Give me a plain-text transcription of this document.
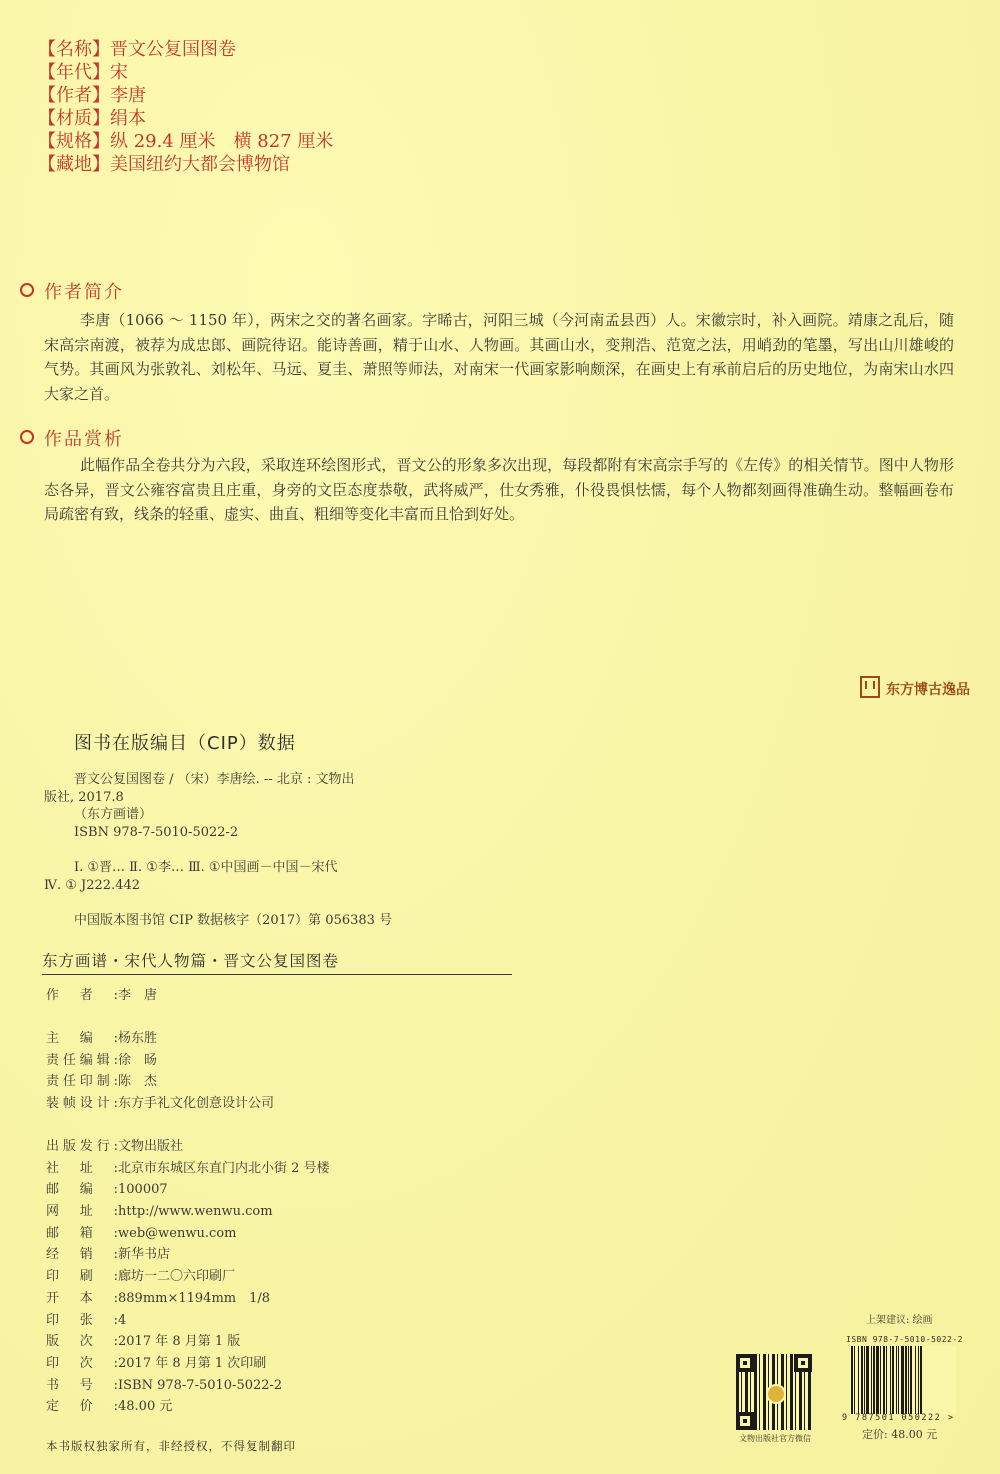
【名称】晋文公复国图卷
【年代】宋
【作者】李唐
【材质】绢本
【规格】纵 29.4 厘米　横 827 厘米
【藏地】美国纽约大都会博物馆
作者简介
李唐（1066 ～ 1150 年），两宋之交的著名画家。字晞古，河阳三城（今河南孟县西）人。宋徽宗时，补入画院。靖康之乱后，随宋高宗南渡，被荐为成忠郎、画院待诏。能诗善画，精于山水、人物画。其画山水，变荆浩、范宽之法，用峭劲的笔墨，写出山川雄峻的气势。其画风为张敦礼、刘松年、马远、夏圭、萧照等师法，对南宋一代画家影响颇深，在画史上有承前启后的历史地位，为南宋山水四大家之首。
作品赏析
此幅作品全卷共分为六段，采取连环绘图形式，晋文公的形象多次出现，每段都附有宋高宗手写的《左传》的相关情节。图中人物形态各异，晋文公雍容富贵且庄重，身旁的文臣态度恭敬，武将威严，仕女秀雅，仆役畏惧怯懦，每个人物都刻画得准确生动。整幅画卷布局疏密有致，线条的轻重、虚实、曲直、粗细等变化丰富而且恰到好处。
东方博古逸品
图书在版编目（CIP）数据
晋文公复国图卷 / （宋）李唐绘. -- 北京 : 文物出
版社, 2017.8
（东方画谱）
ISBN 978-7-5010-5022-2
Ⅰ. ①晋… Ⅱ. ①李… Ⅲ. ①中国画－中国－宋代
Ⅳ. ① J222.442
中国版本图书馆 CIP 数据核字（2017）第 056383 号
东方画谱・宋代人物篇・晋文公复国图卷
作者:李　唐
主编:杨东胜
责任编辑:徐　旸
责任印制:陈　杰
装帧设计:东方手礼文化创意设计公司
出版发行:文物出版社
社址:北京市东城区东直门内北小街 2 号楼
邮编:100007
网址:http://www.wenwu.com
邮箱:web@wenwu.com
经销:新华书店
印刷:廊坊一二〇六印刷厂
开本:889mm×1194mm　1/8
印张:4
版次:2017 年 8 月第 1 版
印次:2017 年 8 月第 1 次印刷
书号:ISBN 978-7-5010-5022-2
定价:48.00 元
本书版权独家所有，非经授权，不得复制翻印
文物出版社官方微信
上架建议: 绘画
ISBN 978-7-5010-5022-2
9 787501 050222 >
定价: 48.00 元
